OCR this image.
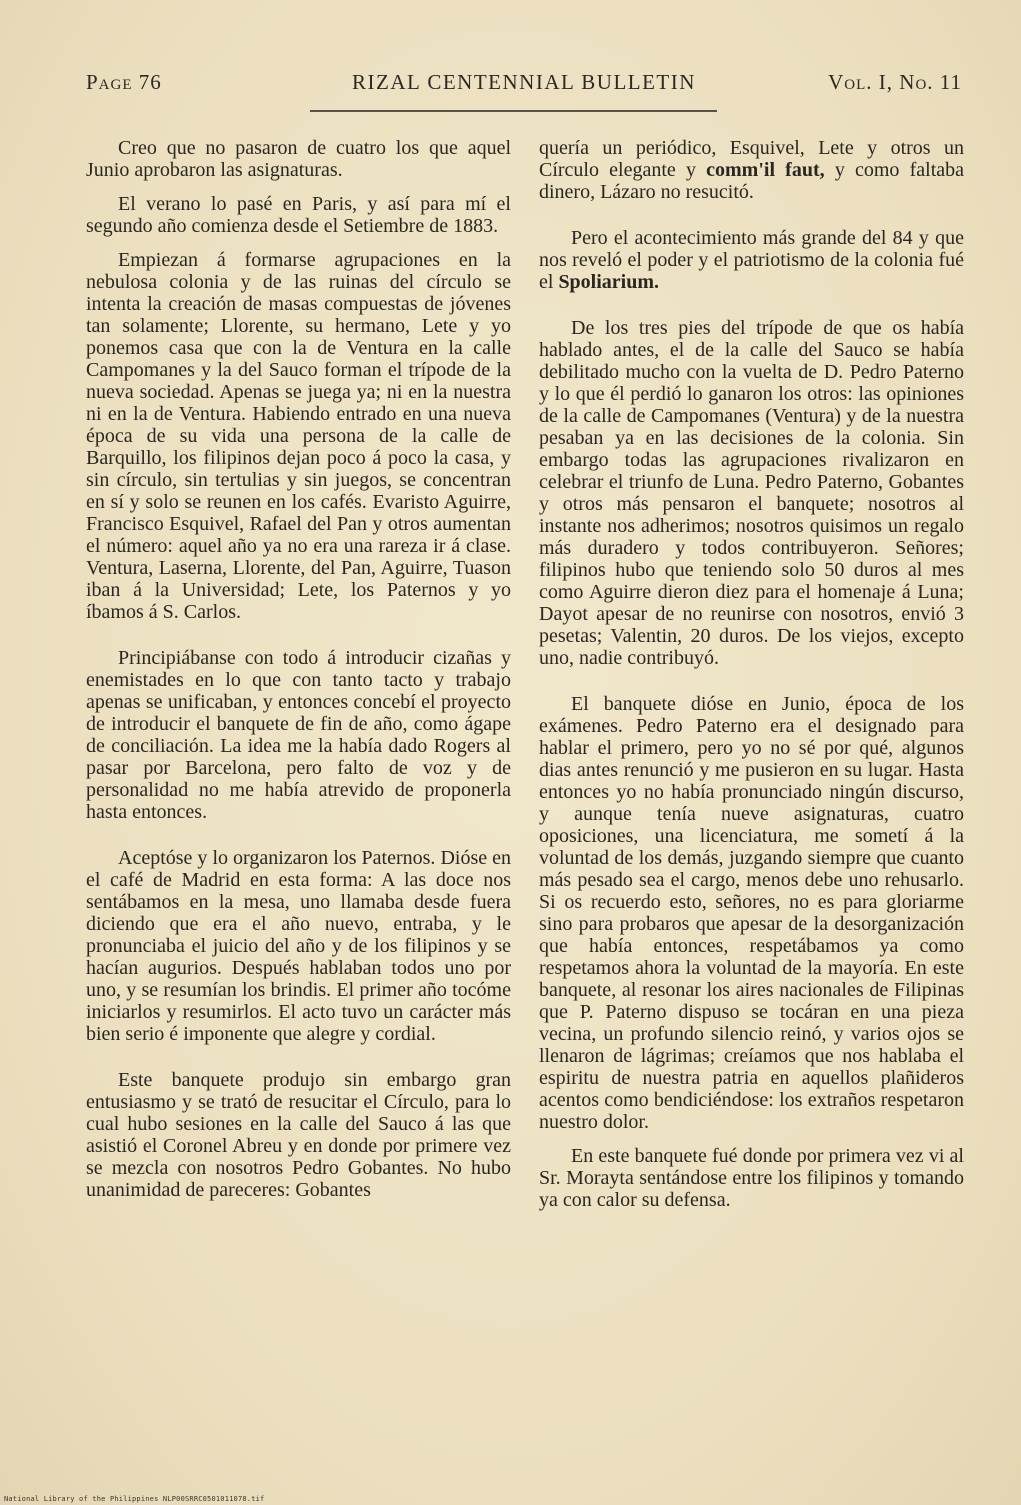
Page 76	RIZAL CENTENNIAL BULLETIN	Vol. I, No. 11

Creo que no pasaron de cuatro los que aquel Junio aprobaron las asignaturas.

El verano lo pasé en Paris, y así para mí el segundo año comienza desde el Setiembre de 1883.

Empiezan á formarse agrupaciones en la nebulosa colonia y de las ruinas del círculo se intenta la creación de masas compuestas de jóvenes tan solamente; Llorente, su hermano, Lete y yo ponemos casa que con la de Ventura en la calle Campomanes y la del Sauco forman el trípode de la nueva sociedad. Apenas se juega ya; ni en la nuestra ni en la de Ventura. Habiendo entrado en una nueva época de su vida una persona de la calle de Barquillo, los filipinos dejan poco á poco la casa, y sin círculo, sin tertulias y sin juegos, se concentran en sí y solo se reunen en los cafés. Evaristo Aguirre, Francisco Esquivel, Rafael del Pan y otros aumentan el número: aquel año ya no era una rareza ir á clase. Ventura, Laserna, Llorente, del Pan, Aguirre, Tuason iban á la Universidad; Lete, los Paternos y yo íbamos á S. Carlos.

Principiábanse con todo á introducir cizañas y enemistades en lo que con tanto tacto y trabajo apenas se unificaban, y entonces concebí el proyecto de introducir el banquete de fin de año, como ágape de conciliación. La idea me la había dado Rogers al pasar por Barcelona, pero falto de voz y de personalidad no me había atrevido de proponerla hasta entonces.

Aceptóse y lo organizaron los Paternos. Dióse en el café de Madrid en esta forma: A las doce nos sentábamos en la mesa, uno llamaba desde fuera diciendo que era el año nuevo, entraba, y le pronunciaba el juicio del año y de los filipinos y se hacían augurios. Después hablaban todos uno por uno, y se resumían los brindis. El primer año tocóme iniciarlos y resumirlos. El acto tuvo un carácter más bien serio é imponente que alegre y cordial.

Este banquete produjo sin embargo gran entusiasmo y se trató de resucitar el Círculo, para lo cual hubo sesiones en la calle del Sauco á las que asistió el Coronel Abreu y en donde por primere vez se mezcla con nosotros Pedro Gobantes. No hubo unanimidad de pareceres: Gobantes

quería un periódico, Esquivel, Lete y otros un Círculo elegante y comm'il faut, y como faltaba dinero, Lázaro no resucitó.

Pero el acontecimiento más grande del 84 y que nos reveló el poder y el patriotismo de la colonia fué el Spoliarium.

De los tres pies del trípode de que os había hablado antes, el de la calle del Sauco se había debilitado mucho con la vuelta de D. Pedro Paterno y lo que él perdió lo ganaron los otros: las opiniones de la calle de Campomanes (Ventura) y de la nuestra pesaban ya en las decisiones de la colonia. Sin embargo todas las agrupaciones rivalizaron en celebrar el triunfo de Luna. Pedro Paterno, Gobantes y otros más pensaron el banquete; nosotros al instante nos adherimos; nosotros quisimos un regalo más duradero y todos contribuyeron. Señores; filipinos hubo que teniendo solo 50 duros al mes como Aguirre dieron diez para el homenaje á Luna; Dayot apesar de no reunirse con nosotros, envió 3 pesetas; Valentin, 20 duros. De los viejos, excepto uno, nadie contribuyó.

El banquete dióse en Junio, época de los exámenes. Pedro Paterno era el designado para hablar el primero, pero yo no sé por qué, algunos dias antes renunció y me pusieron en su lugar. Hasta entonces yo no había pronunciado ningún discurso, y aunque tenía nueve asignaturas, cuatro oposiciones, una licenciatura, me sometí á la voluntad de los demás, juzgando siempre que cuanto más pesado sea el cargo, menos debe uno rehusarlo. Si os recuerdo esto, señores, no es para gloriarme sino para probaros que apesar de la desorganización que había entonces, respetábamos ya como respetamos ahora la voluntad de la mayoría. En este banquete, al resonar los aires nacionales de Filipinas que P. Paterno dispuso se tocáran en una pieza vecina, un profundo silencio reinó, y varios ojos se llenaron de lágrimas; creíamos que nos hablaba el espiritu de nuestra patria en aquellos plañideros acentos como bendiciéndose: los extraños respetaron nuestro dolor.

En este banquete fué donde por primera vez vi al Sr. Morayta sentándose entre los filipinos y tomando ya con calor su defensa.

National Library of the Philippines NLP00SRRC0501011078.tif
